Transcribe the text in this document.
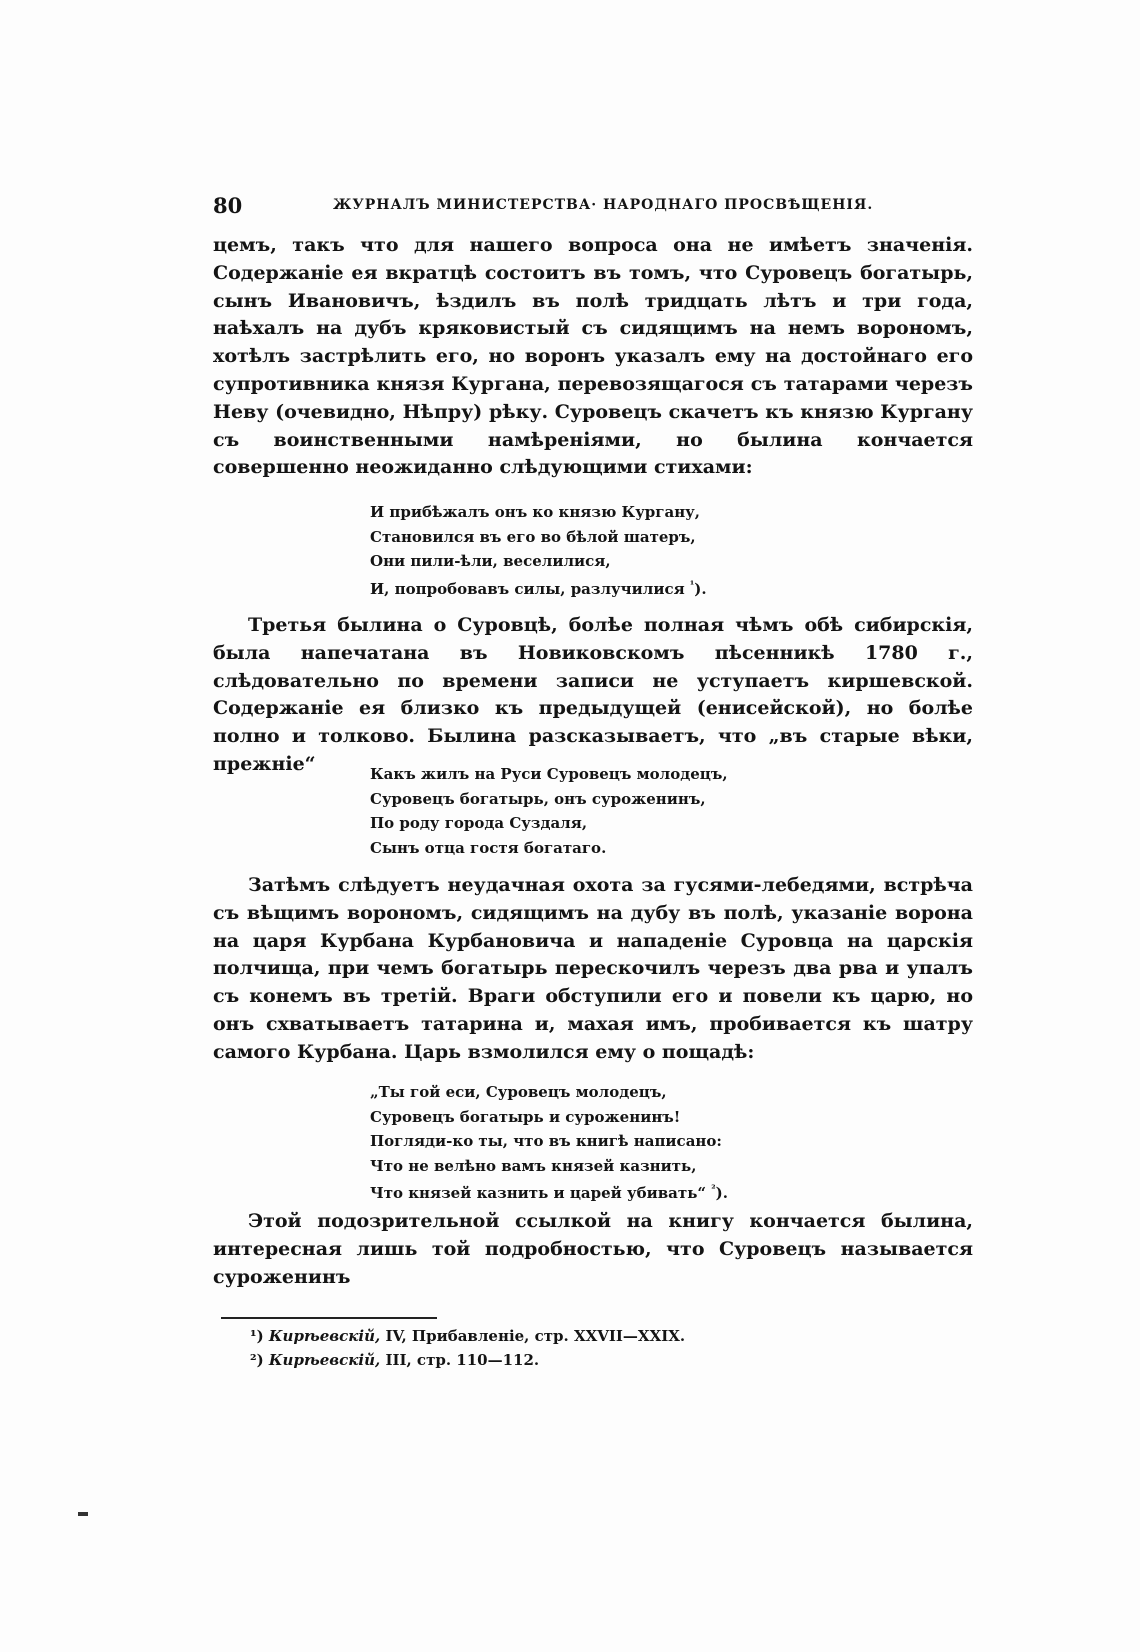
80	ЖУРНАЛЪ МИНИСТЕРСТВА· НАРОДНАГО ПРОСВѢЩЕНІЯ.

цемъ, такъ что для нашего вопроса она не имѣетъ значенія. Содержаніе ея вкратцѣ состоитъ въ томъ, что Суровецъ богатырь, сынъ Ивановичъ, ѣздилъ въ полѣ тридцать лѣтъ и три года, наѣхалъ на дубъ кряковистый съ сидящимъ на немъ ворономъ, хотѣлъ застрѣлить его, но воронъ указалъ ему на достойнаго его супротивника князя Кургана, перевозящагося съ татарами черезъ Неву (очевидно, Нѣпру) рѣку. Суровецъ скачетъ къ князю Кургану съ воинственными намѣреніями, но былина кончается совершенно неожиданно слѣдующими стихами:

И прибѣжалъ онъ ко князю Кургану,
Становился въ его во бѣлой шатеръ,
Они пили-ѣли, веселилися,
И, попробовавъ силы, разлучилися $^{^1}$).

Третья былина о Суровцѣ, болѣе полная чѣмъ обѣ сибирскія, была напечатана въ Новиковскомъ пѣсенникѣ 1780 г., слѣдовательно по времени записи не уступаетъ киршевской. Содержаніе ея близко къ предыдущей (енисейской), но болѣе полно и толково. Былина разсказываетъ, что „въ старые вѣки, прежніе“	Какъ жилъ на Руси Суровецъ молодецъ,
Суровецъ богатырь, онъ суроженинъ,
По роду города Суздаля,
Сынъ отца гостя богатаго.

Затѣмъ слѣдуетъ неудачная охота за гусями-лебедями, встрѣча съ вѣщимъ ворономъ, сидящимъ на дубу въ полѣ, указаніе ворона на царя Курбана Курбановича и нападеніе Суровца на царскія полчища, при чемъ богатырь перескочилъ черезъ два рва и упалъ съ конемъ въ третій. Враги обступили его и повели къ царю, но онъ схватываетъ татарина и, махая имъ, пробивается къ шатру самого Курбана. Царь взмолился ему о пощадѣ:

„Ты гой еси, Суровецъ молодецъ,
Суровецъ богатырь и суроженинъ!
Погляди-ко ты, что въ книгѣ написано:
Что не велѣно вамъ князей казнить,
Что князей казнить и царей убивать“ $^{^2}$).

Этой подозрительной ссылкой на книгу кончается былина, интересная лишь той подробностью, что Суровецъ называется суроженинъ

¹) Кирѣевскій, IV, Прибавленіе, стр. XXVII—XXIX.
²) Кирѣевскій, III, стр. 110—112.
